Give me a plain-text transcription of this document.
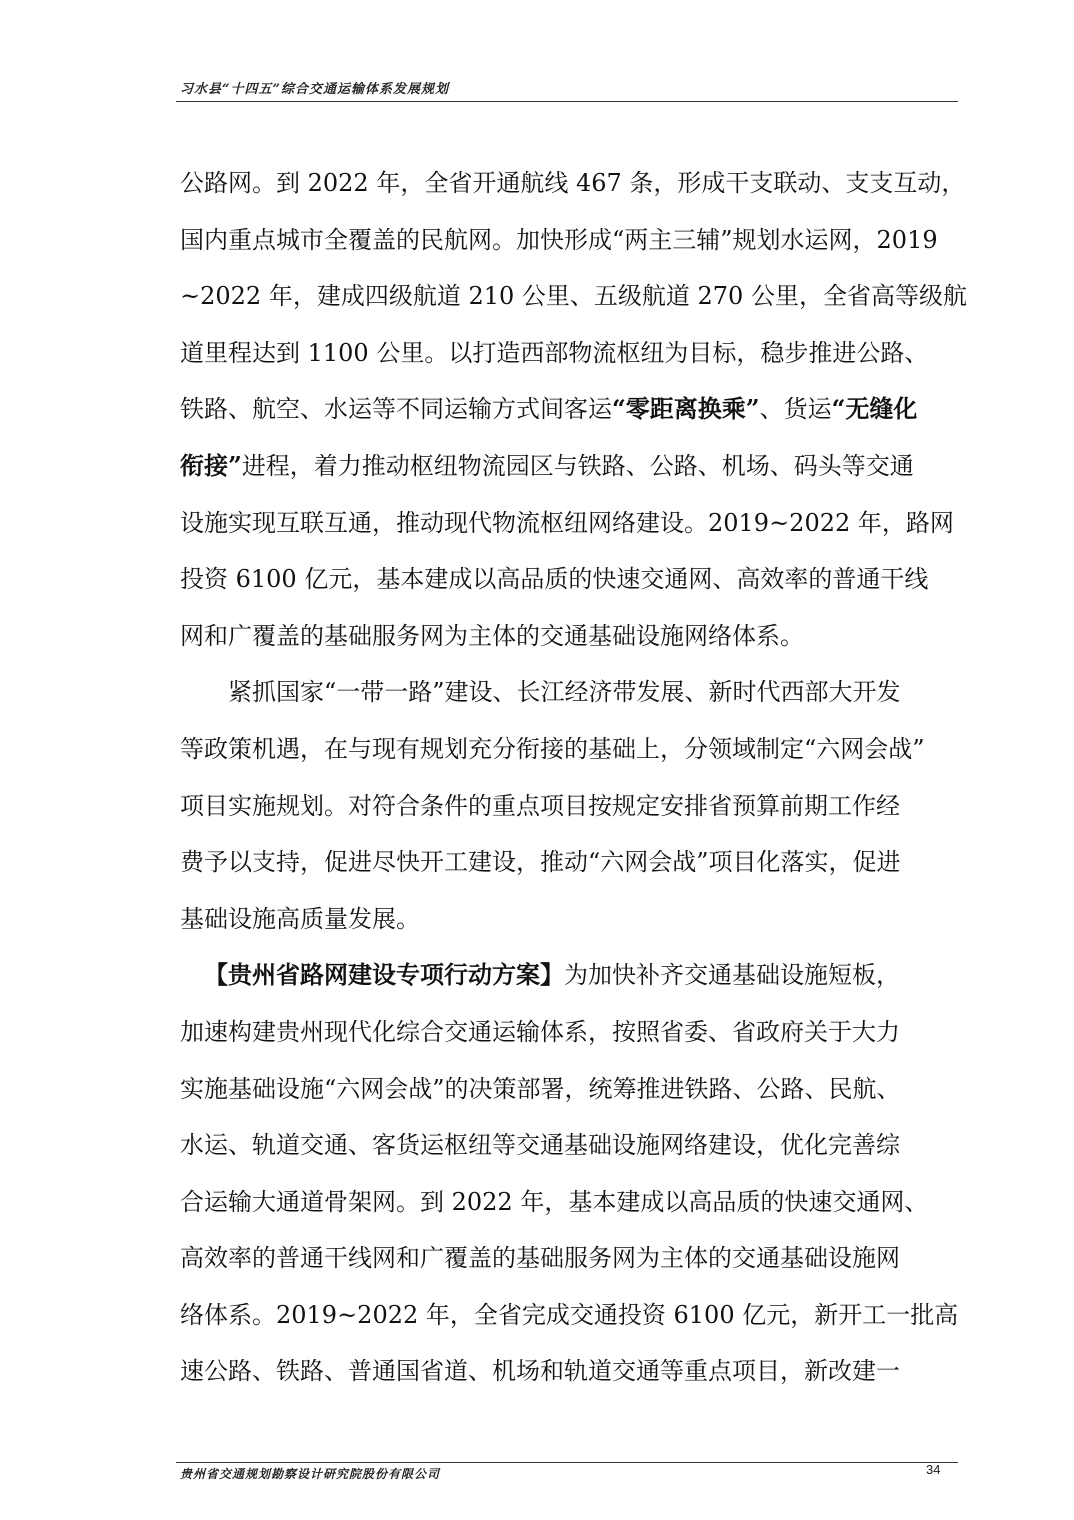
习水县“十四五”综合交通运输体系发展规划
公路网。到 2022 年，全省开通航线 467 条，形成干支联动、支支互动，
国内重点城市全覆盖的民航网。加快形成“两主三辅”规划水运网，2019
~2022 年，建成四级航道 210 公里、五级航道 270 公里，全省高等级航
道里程达到 1100 公里。以打造西部物流枢纽为目标，稳步推进公路、
铁路、航空、水运等不同运输方式间客运“零距离换乘”、货运“无缝化
衔接”进程，着力推动枢纽物流园区与铁路、公路、机场、码头等交通
设施实现互联互通，推动现代物流枢纽网络建设。2019~2022 年，路网
投资 6100 亿元，基本建成以高品质的快速交通网、高效率的普通干线
网和广覆盖的基础服务网为主体的交通基础设施网络体系。
紧抓国家“一带一路”建设、长江经济带发展、新时代西部大开发
等政策机遇，在与现有规划充分衔接的基础上，分领域制定“六网会战”
项目实施规划。对符合条件的重点项目按规定安排省预算前期工作经
费予以支持，促进尽快开工建设，推动“六网会战”项目化落实，促进
基础设施高质量发展。
【贵州省路网建设专项行动方案】为加快补齐交通基础设施短板，
加速构建贵州现代化综合交通运输体系，按照省委、省政府关于大力
实施基础设施“六网会战”的决策部署，统筹推进铁路、公路、民航、
水运、轨道交通、客货运枢纽等交通基础设施网络建设，优化完善综
合运输大通道骨架网。到 2022 年，基本建成以高品质的快速交通网、
高效率的普通干线网和广覆盖的基础服务网为主体的交通基础设施网
络体系。2019~2022 年，全省完成交通投资 6100 亿元，新开工一批高
速公路、铁路、普通国省道、机场和轨道交通等重点项目，新改建一
贵州省交通规划勘察设计研究院股份有限公司	34
